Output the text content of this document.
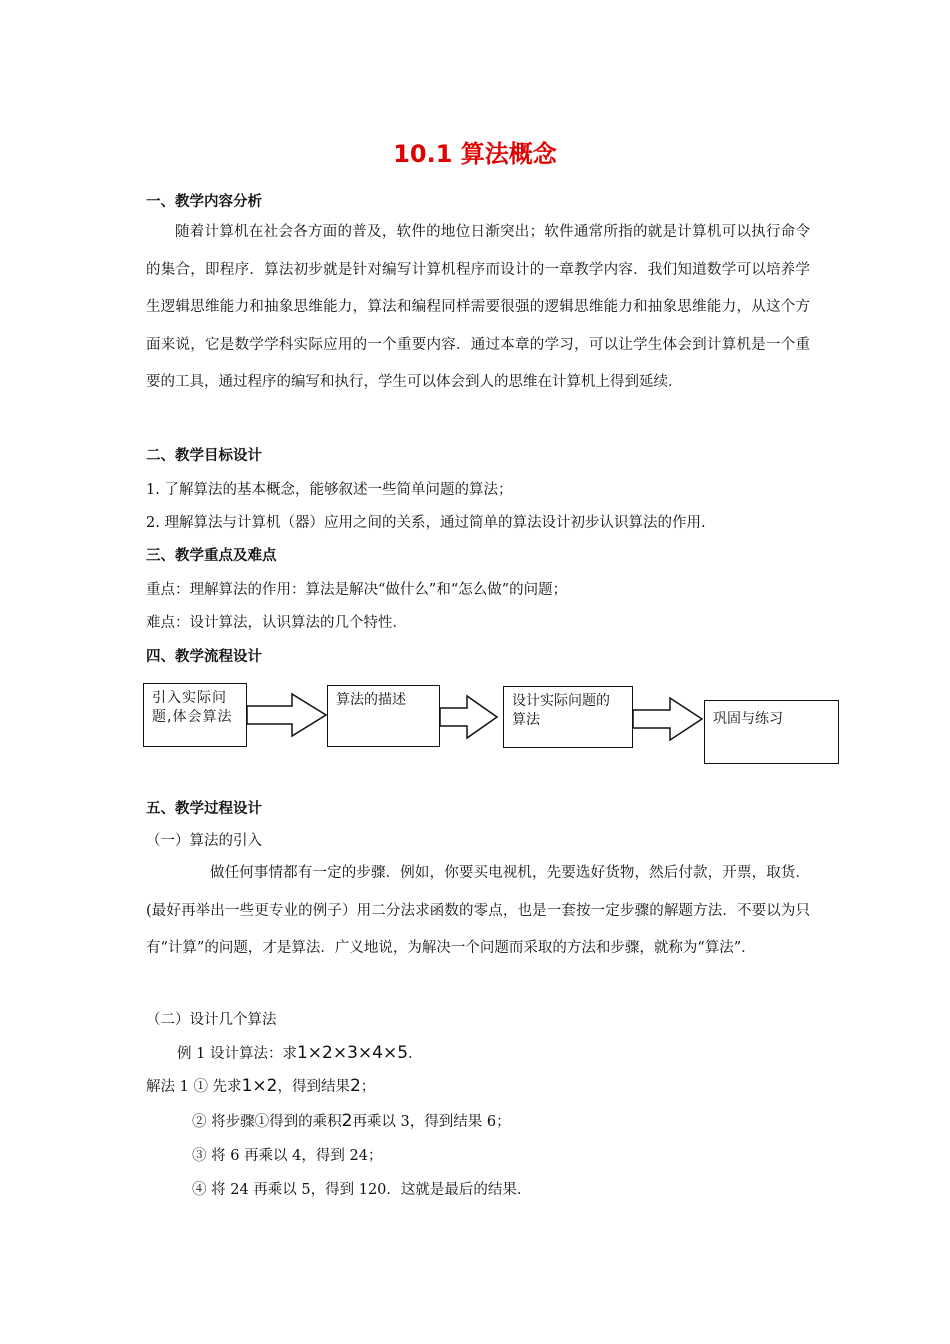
10.1 算法概念
一、教学内容分析
随着计算机在社会各方面的普及，软件的地位日渐突出；软件通常所指的就是计算机可以执行命令的集合，即程序．算法初步就是针对编写计算机程序而设计的一章教学内容．我们知道数学可以培养学生逻辑思维能力和抽象思维能力，算法和编程同样需要很强的逻辑思维能力和抽象思维能力，从这个方面来说，它是数学学科实际应用的一个重要内容．通过本章的学习，可以让学生体会到计算机是一个重要的工具，通过程序的编写和执行，学生可以体会到人的思维在计算机上得到延续．
二、教学目标设计
1. 了解算法的基本概念，能够叙述一些简单问题的算法；
2. 理解算法与计算机（器）应用之间的关系，通过简单的算法设计初步认识算法的作用.
三、教学重点及难点
重点：理解算法的作用：算法是解决“做什么”和“怎么做”的问题；
难点：设计算法，认识算法的几个特性．
四、教学流程设计
引入实际问题,体会算法
算法的描述	设计实际问题的算法	巩固与练习
五、教学过程设计
（一）算法的引入
做任何事情都有一定的步骤．例如，你要买电视机，先要选好货物，然后付款，开票，取货．(最好再举出一些更专业的例子）用二分法求函数的零点，也是一套按一定步骤的解题方法．不要以为只有“计算”的问题，才是算法．广义地说，为解决一个问题而采取的方法和步骤，就称为“算法”．
（二）设计几个算法
例 1 设计算法：求1×2×3×4×5．
解法 1 ① 先求1×2，得到结果2；
② 将步骤①得到的乘积2再乘以 3，得到结果 6；
③ 将 6 再乘以 4，得到 24；
④ 将 24 再乘以 5，得到 120．这就是最后的结果．
